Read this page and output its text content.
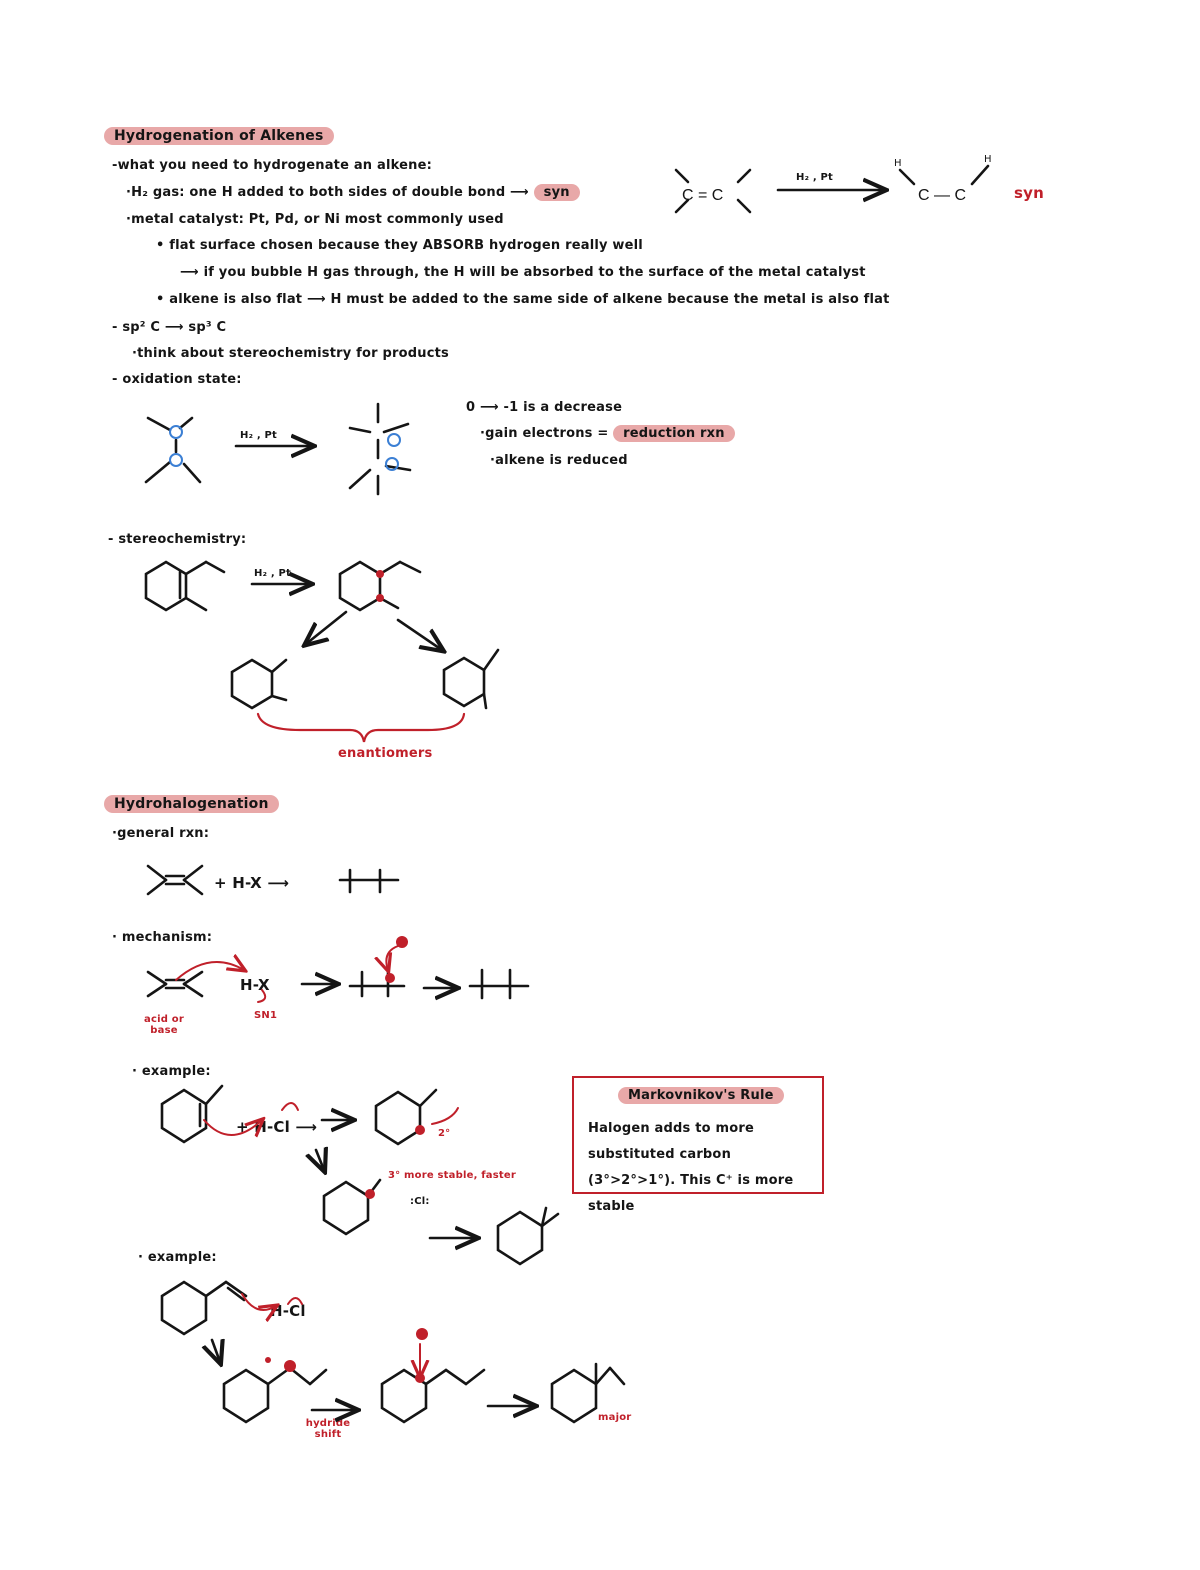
Hydrogenation of Alkenes
-what you need to hydrogenate an alkene:
·H₂ gas: one H added to both sides of double bond ⟶ syn
·metal catalyst: Pt, Pd, or Ni most commonly used
• flat surface chosen because they ABSORB hydrogen really well
⟶ if you bubble H gas through, the H will be absorbed to the surface of the metal catalyst
• alkene is also flat ⟶ H must be added to the same side of alkene because the metal is also flat
- sp² C ⟶ sp³ C
·think about stereochemistry for products
- oxidation state:
H₂ , Pt
syn
H₂ , Pt
0 ⟶ -1 is a decrease
·gain electrons = reduction rxn
·alkene is reduced
- stereochemistry:
H₂ , Pt
enantiomers
Hydrohalogenation
·general rxn:
+ H-X ⟶
· mechanism:
H-X
acid or base
SN1
· example:
+ H-Cl ⟶	2°
3° more stable, faster
:Cl:
· example:
H-Cl
hydride shift
major
Markovnikov's Rule
Halogen adds to more substituted carbon (3°>2°>1°). This C⁺ is more stable
C = C	C — C
H	H
